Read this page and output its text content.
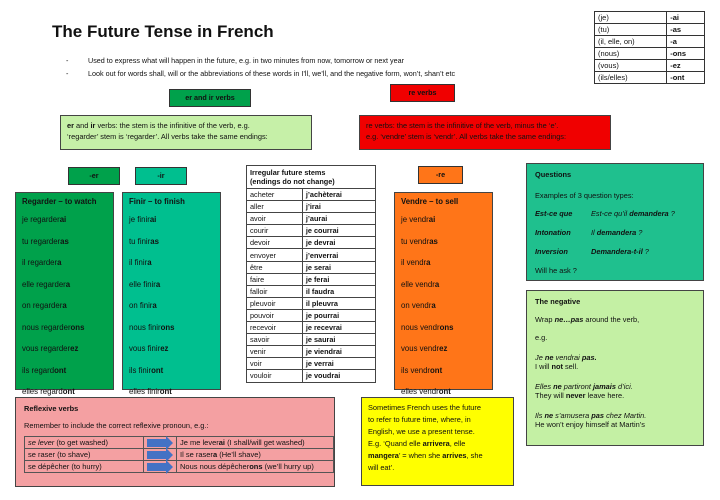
The Future Tense in French
-	Used to express what will happen in the future, e.g. in two minutes from now, tomorrow or next year
-	Look out for words shall, will or the abbreviations of these words in I’ll, we’ll, and the negative form, won’t, shan’t etc
(je)	-ai
(tu)	-as
(il, elle, on)	-a
(nous)	-ons
(vous)	-ez
(ils/elles)	-ont
er and ir verbs
re verbs
er and ir verbs: the stem is the infinitive of the verb, e.g.
‘regarder’ stem is ‘regarder’. All verbs take the same endings:
re verbs: the stem is the infinitive of the verb, minus the ‘e’.
e.g. ‘vendre’ stem is ‘vendr’. All verbs take the same endings:
-er	-ir	-re
Regarder – to watch
je regarderai
tu regarderas
il regardera
elle regardera
on regardera
nous regarderons
vous regarderez
ils regardont
elles regardont
Finir – to finish
je finirai
tu finiras
il finira
elle finira
on finira
nous finirons
vous finirez
ils finiront
elles finiront
Irregular future stems
(endings do not change)
acheter	j’achèterai
aller	j’irai
avoir	j’aurai
courir	je courrai
devoir	je devrai
envoyer	j’enverrai
être	je serai
faire	je ferai
falloir	il faudra
pleuvoir	il pleuvra
pouvoir	je pourrai
recevoir	je recevrai
savoir	je saurai
venir	je viendrai
voir	je verrai
vouloir	je voudrai
Vendre – to sell
je vendrai
tu vendras
il vendra
elle vendra
on vendra
nous vendrons
vous vendrez
ils vendront
elles vendront

Questions

Examples of 3 question types:

Est-ce que	Est-ce qu’il demandera ?

Intonation	Il demandera ?

Inversion	Demandera-t-il ?

Will he ask ?

The negative

Wrap ne…pas around the verb,

e.g.

Je ne vendrai pas.

I will not sell.

Elles ne partiront jamais d’ici.

They will never leave here.

Ils ne s’amusera pas chez Martin.

He won’t enjoy himself at Martin’s

Reflexive verbs

Remember to include the correct reflexive pronoun, e.g.:

se lever (to get washed)		Je me leverai (I shall/will get washed)
se raser (to shave)		Il se rasera (He’ll shave)
se dépêcher (to hurry)		Nous nous dépêcherons (we’ll hurry up)
Sometimes French uses the future
to refer to future time, where, in
English, we use a present tense.
E.g. ‘Quand elle arrivera, elle
mangera’ = when she arrives, she
will eat’.
